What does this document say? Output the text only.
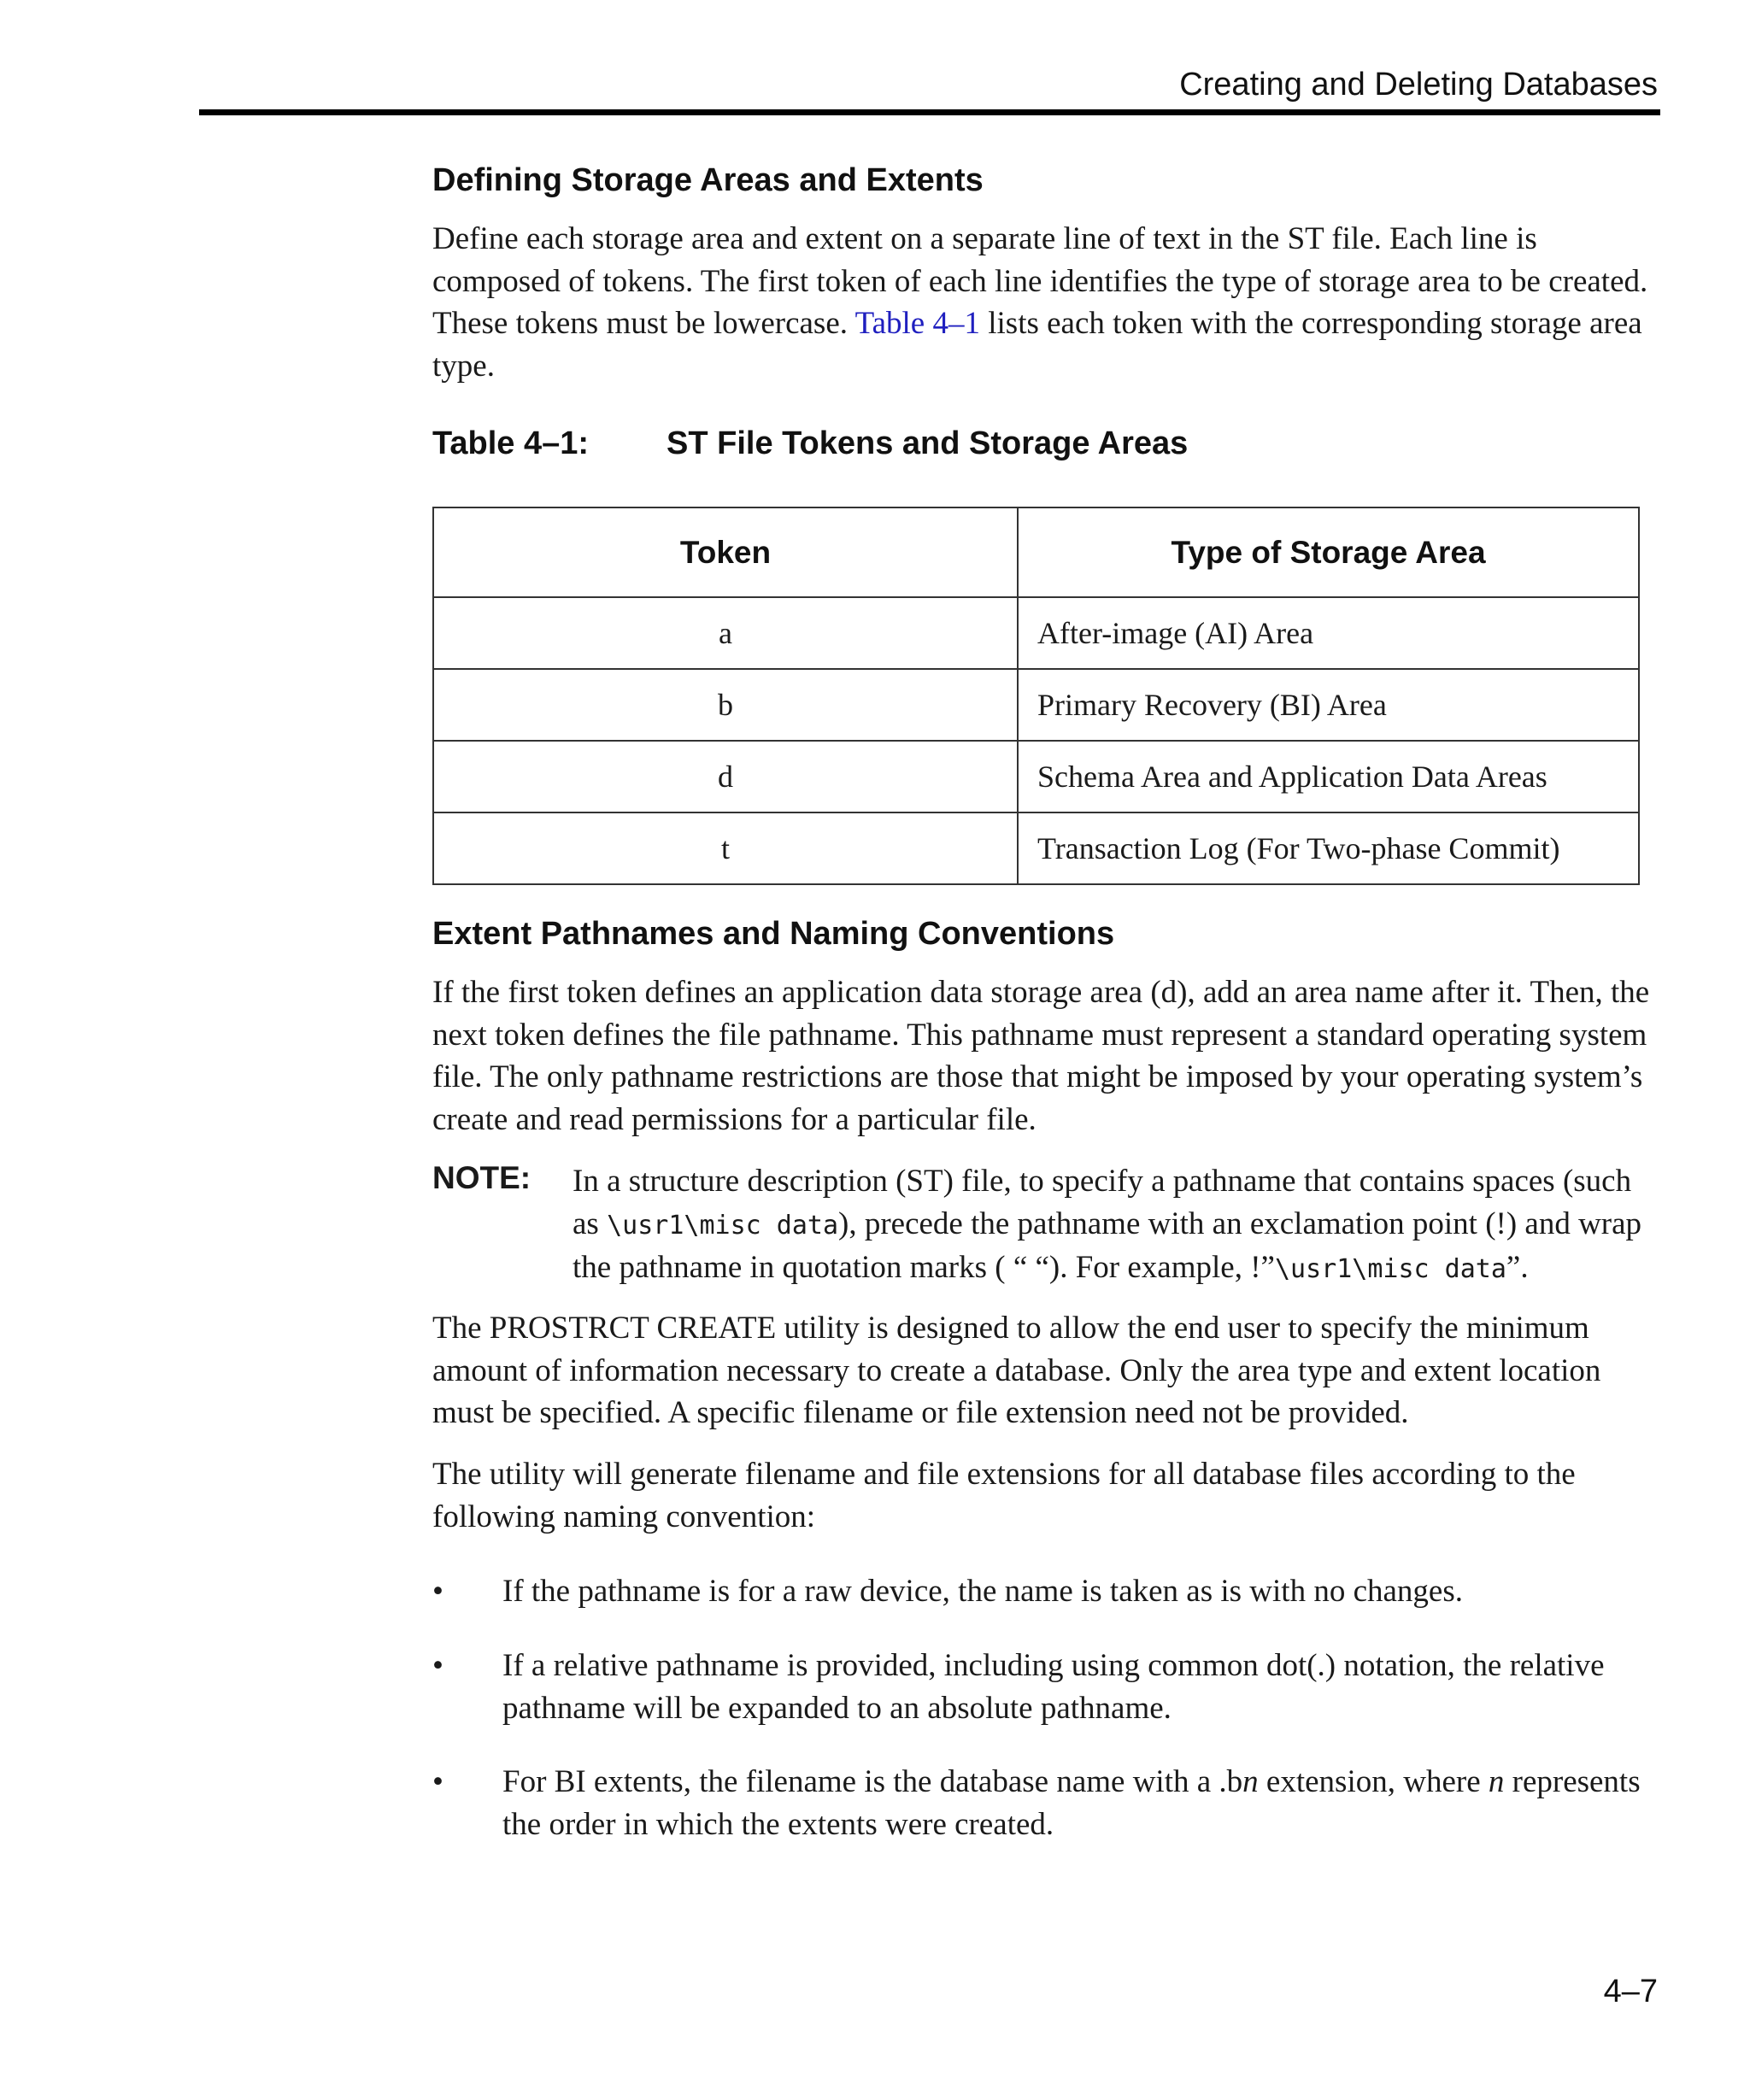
Creating and Deleting Databases
Defining Storage Areas and Extents

Define each storage area and extent on a separate line of text in the ST file. Each line is composed of tokens. The first token of each line identifies the type of storage area to be created. These tokens must be lowercase. Table 4–1 lists each token with the corresponding storage area type.

Table 4–1: ST File Tokens and Storage Areas
Token	Type of Storage Area
a	After-image (AI) Area
b	Primary Recovery (BI) Area
d	Schema Area and Application Data Areas
t	Transaction Log (For Two-phase Commit)
Extent Pathnames and Naming Conventions

If the first token defines an application data storage area (d), add an area name after it. Then, the next token defines the file pathname. This pathname must represent a standard operating system file. The only pathname restrictions are those that might be imposed by your operating system’s create and read permissions for a particular file.

NOTE: In a structure description (ST) file, to specify a pathname that contains spaces (such as \usr1\misc data), precede the pathname with an exclamation point (!) and wrap the pathname in quotation marks ( “ “). For example, !”\usr1\misc data”.

The PROSTRCT CREATE utility is designed to allow the end user to specify the minimum amount of information necessary to create a database. Only the area type and extent location must be specified. A specific filename or file extension need not be provided.

The utility will generate filename and file extensions for all database files according to the following naming convention:

• If the pathname is for a raw device, the name is taken as is with no changes.

• If a relative pathname is provided, including using common dot(.) notation, the relative pathname will be expanded to an absolute pathname.

• For BI extents, the filename is the database name with a .bn extension, where n represents the order in which the extents were created.

4–7
